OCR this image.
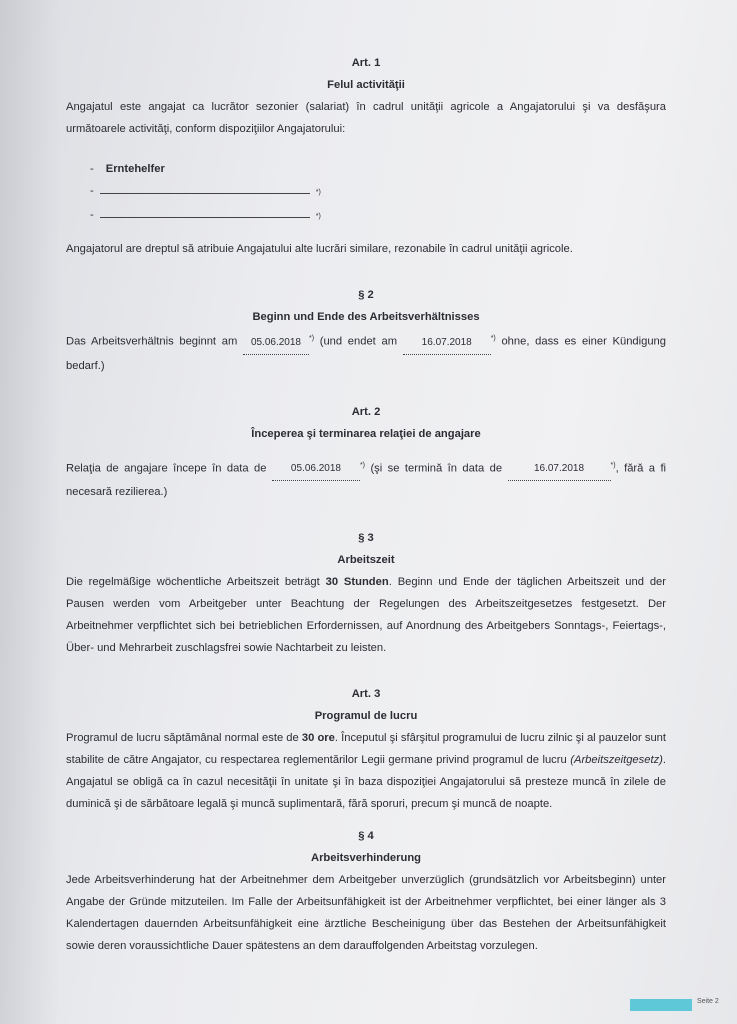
Art. 1
Felul activităţii

Angajatul este angajat ca lucrător sezonier (salariat) în cadrul unităţii agricole a Angajatorului şi va desfăşura următoarele activităţi, conform dispoziţiilor Angajatorului:

- Erntehelfer
-	$_{*)}$
-	$_{*)}$

Angajatorul are dreptul să atribuie Angajatului alte lucrări similare, rezonabile în cadrul unităţii agricole.

§ 2
Beginn und Ende des Arbeitsverhältnisses

Das Arbeitsverhältnis beginnt am 05.06.2018 *) (und endet am 16.07.2018	*) ohne, dass es einer Kündigung bedarf.)

Art. 2
Începerea şi terminarea relaţiei de angajare

Relaţia de angajare începe în data de 05.06.2018	*) (şi se termină în data de	16.07.2018	*), fără a fi necesară rezilierea.)

§ 3
Arbeitszeit

Die regelmäßige wöchentliche Arbeitszeit beträgt 30 Stunden. Beginn und Ende der täglichen Arbeitszeit und der Pausen werden vom Arbeitgeber unter Beachtung der Regelungen des Arbeitszeitgesetzes festgesetzt. Der Arbeitnehmer verpflichtet sich bei betrieblichen Erfordernissen, auf Anordnung des Arbeitgebers Sonntags-, Feiertags-, Über- und Mehrarbeit zuschlagsfrei sowie Nachtarbeit zu leisten.

Art. 3
Programul de lucru

Programul de lucru săptămânal normal este de 30 ore. Începutul şi sfârşitul programului de lucru zilnic şi al pauzelor sunt stabilite de către Angajator, cu respectarea reglementărilor Legii germane privind programul de lucru (Arbeitszeitgesetz). Angajatul se obligă ca în cazul necesităţii în unitate şi în baza dispoziţiei Angajatorului să presteze muncă în zilele de duminică şi de sărbătoare legală şi muncă suplimentară, fără sporuri, precum şi muncă de noapte.

§ 4
Arbeitsverhinderung

Jede Arbeitsverhinderung hat der Arbeitnehmer dem Arbeitgeber unverzüglich (grundsätzlich vor Arbeitsbeginn) unter Angabe der Gründe mitzuteilen. Im Falle der Arbeitsunfähigkeit ist der Arbeitnehmer verpflichtet, bei einer länger als 3 Kalendertagen dauernden Arbeitsunfähigkeit eine ärztliche Bescheinigung über das Bestehen der Arbeitsunfähigkeit sowie deren voraussichtliche Dauer spätestens an dem darauffolgenden Arbeitstag vorzulegen.

Seite 2
